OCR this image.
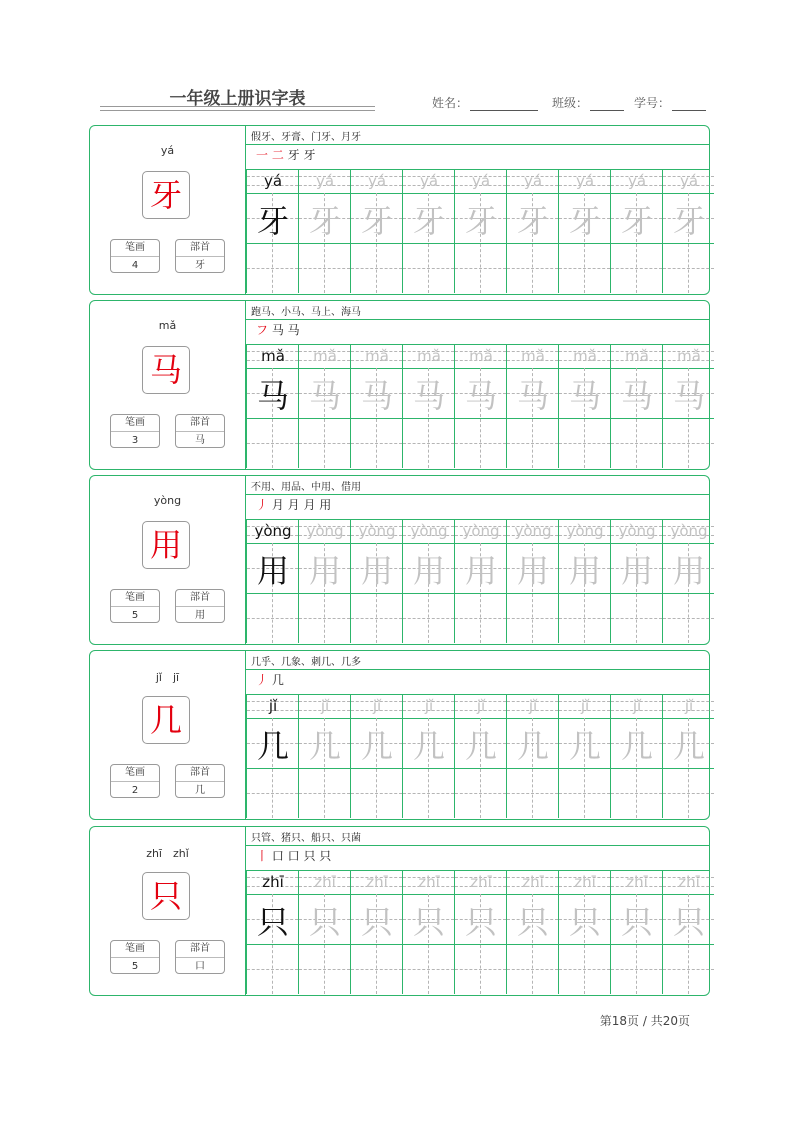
一年级上册识字表	姓名：	班级：	学号：
yá
牙
笔画
4
部首
牙
假牙、牙膏、门牙、月牙
一 二 牙 牙
yá
牙
yá
牙
yá
牙
yá
牙
yá
牙
yá
牙
yá
牙
yá
牙
yá
牙
mǎ
马
笔画
3
部首
马
跑马、小马、马上、海马
フ 马 马
mǎ
马
mǎ
马
mǎ
马
mǎ
马
mǎ
马
mǎ
马
mǎ
马
mǎ
马
mǎ
马
yòng
用
笔画
5
部首
用
不用、用品、中用、借用
丿 月 月 月 用
yòng
用
yòng
用
yòng
用
yòng
用
yòng
用
yòng
用
yòng
用
yòng
用
yòng
用
jǐ　jī
几
笔画
2
部首
几
几乎、几象、刺几、几多
丿 几
jǐ
几
jǐ
几
jǐ
几
jǐ
几
jǐ
几
jǐ
几
jǐ
几
jǐ
几
jǐ
几
zhī　zhǐ
只
笔画
5
部首
口
只管、猪只、船只、只菌
丨 口 口 只 只
zhī
只
zhī
只
zhī
只
zhī
只
zhī
只
zhī
只
zhī
只
zhī
只
zhī
只
第18页 / 共20页
